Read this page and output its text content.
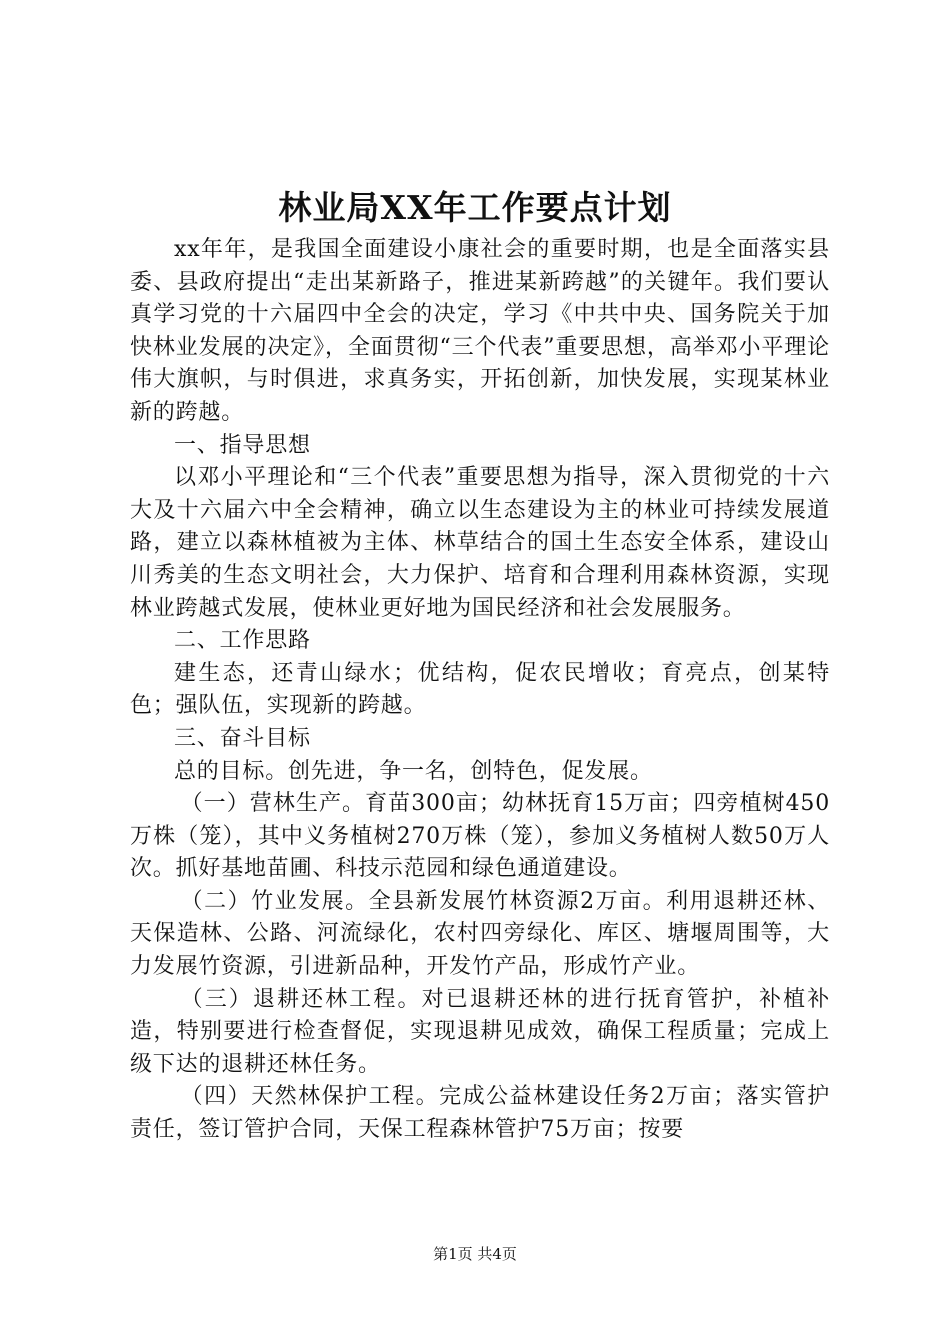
林业局XX年工作要点计划

xx年年，是我国全面建设小康社会的重要时期，也是全面落实县委、县政府提出“走出某新路子，推进某新跨越”的关键年。我们要认真学习党的十六届四中全会的决定，学习《中共中央、国务院关于加快林业发展的决定》，全面贯彻“三个代表”重要思想，高举邓小平理论伟大旗帜，与时俱进，求真务实，开拓创新，加快发展，实现某林业新的跨越。

一、指导思想

以邓小平理论和“三个代表”重要思想为指导，深入贯彻党的十六大及十六届六中全会精神，确立以生态建设为主的林业可持续发展道路，建立以森林植被为主体、林草结合的国土生态安全体系，建设山川秀美的生态文明社会，大力保护、培育和合理利用森林资源，实现林业跨越式发展，使林业更好地为国民经济和社会发展服务。

二、工作思路

建生态，还青山绿水；优结构，促农民增收；育亮点，创某特色；强队伍，实现新的跨越。

三、奋斗目标

总的目标。创先进，争一名，创特色，促发展。

（一）营林生产。育苗300亩；幼林抚育15万亩；四旁植树450万株（笼），其中义务植树270万株（笼），参加义务植树人数50万人次。抓好基地苗圃、科技示范园和绿色通道建设。

（二）竹业发展。全县新发展竹林资源2万亩。利用退耕还林、天保造林、公路、河流绿化，农村四旁绿化、库区、塘堰周围等，大力发展竹资源，引进新品种，开发竹产品，形成竹产业。

（三）退耕还林工程。对已退耕还林的进行抚育管护，补植补造，特别要进行检查督促，实现退耕见成效，确保工程质量；完成上级下达的退耕还林任务。

（四）天然林保护工程。完成公益林建设任务2万亩；落实管护责任，签订管护合同，天保工程森林管护75万亩；按要

第1页 共4页
